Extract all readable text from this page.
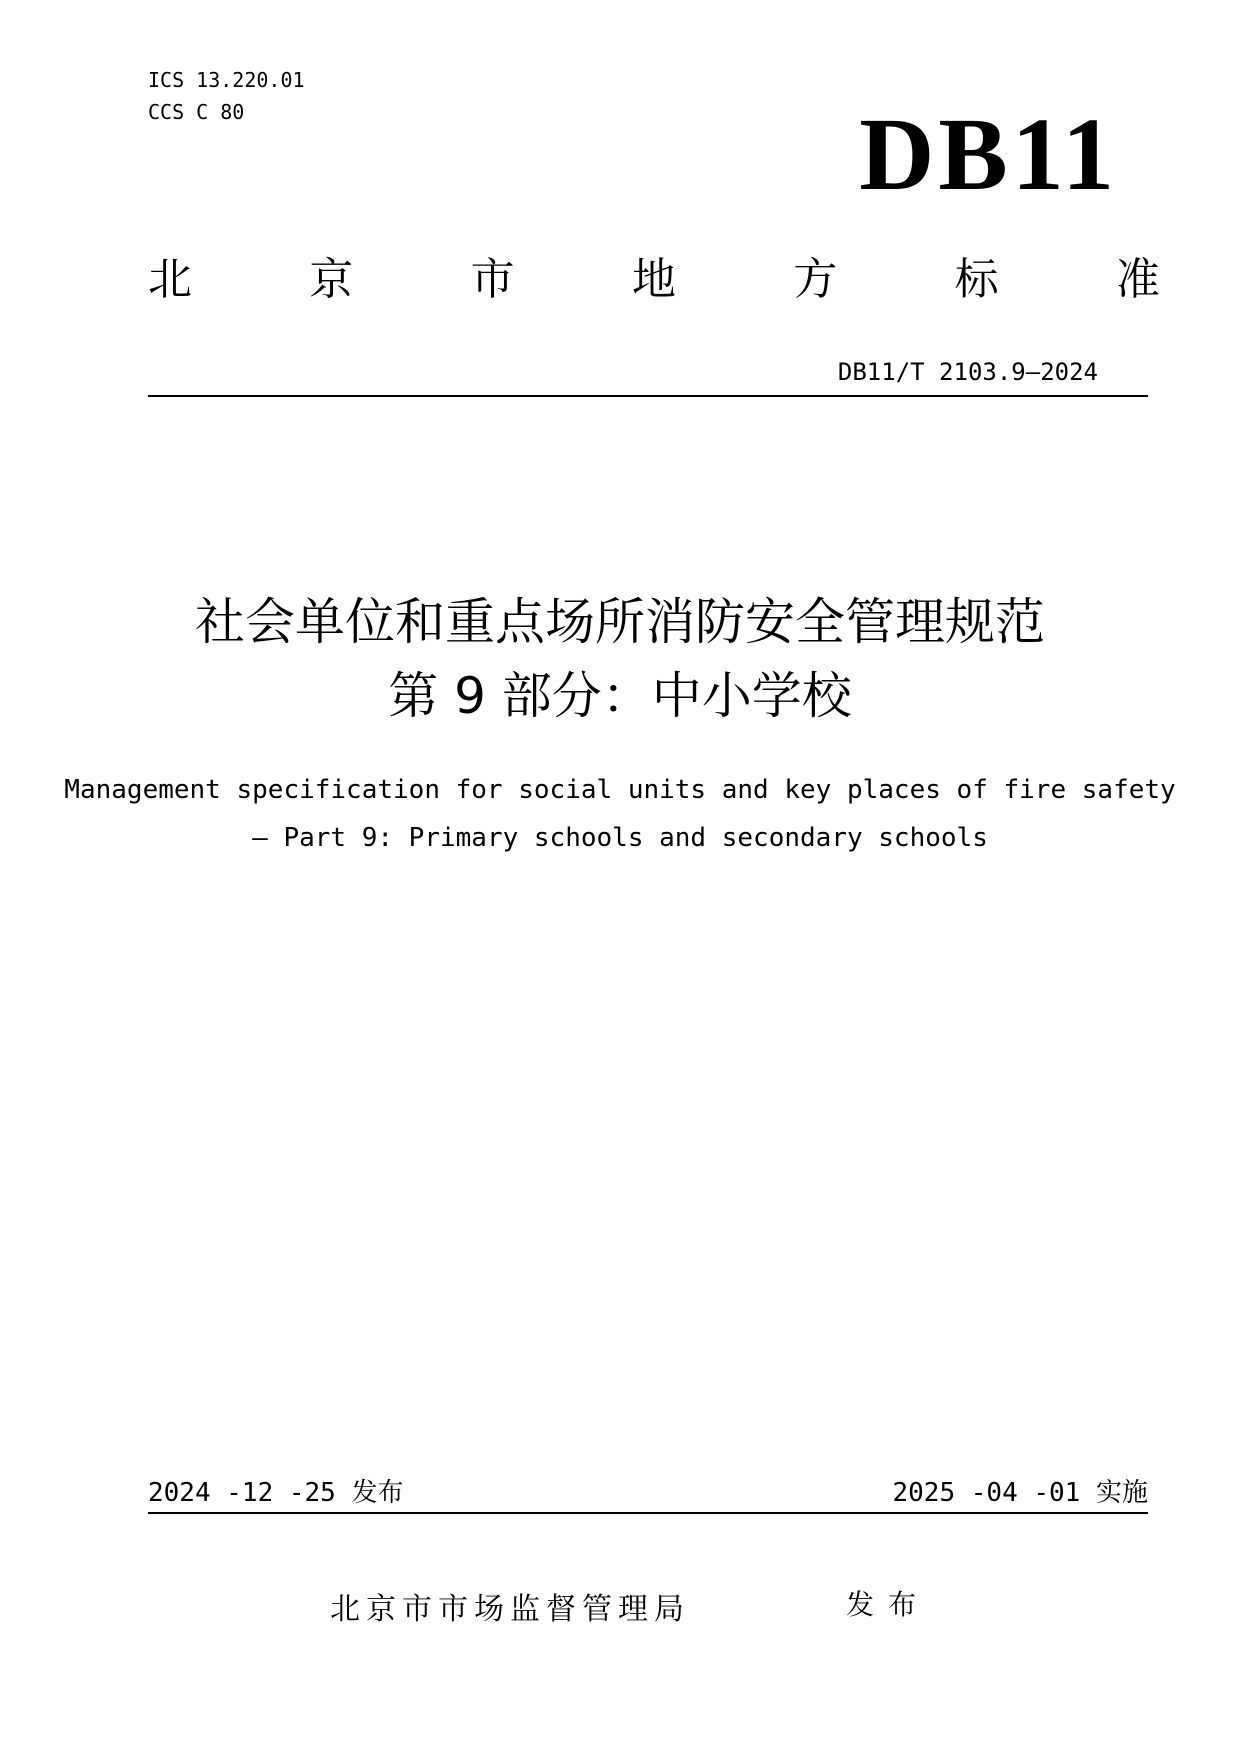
ICS 13.220.01
CCS C 80	DB11
北	京	市	地	方	标	准
DB11/T 2103.9—2024
社会单位和重点场所消防安全管理规范
第 9 部分：中小学校
Management specification for social units and key places of fire safety
— Part 9: Primary schools and secondary schools
2024 -12 -25 发布	2025 -04 -01 实施
北京市市场监督管理局	发布
